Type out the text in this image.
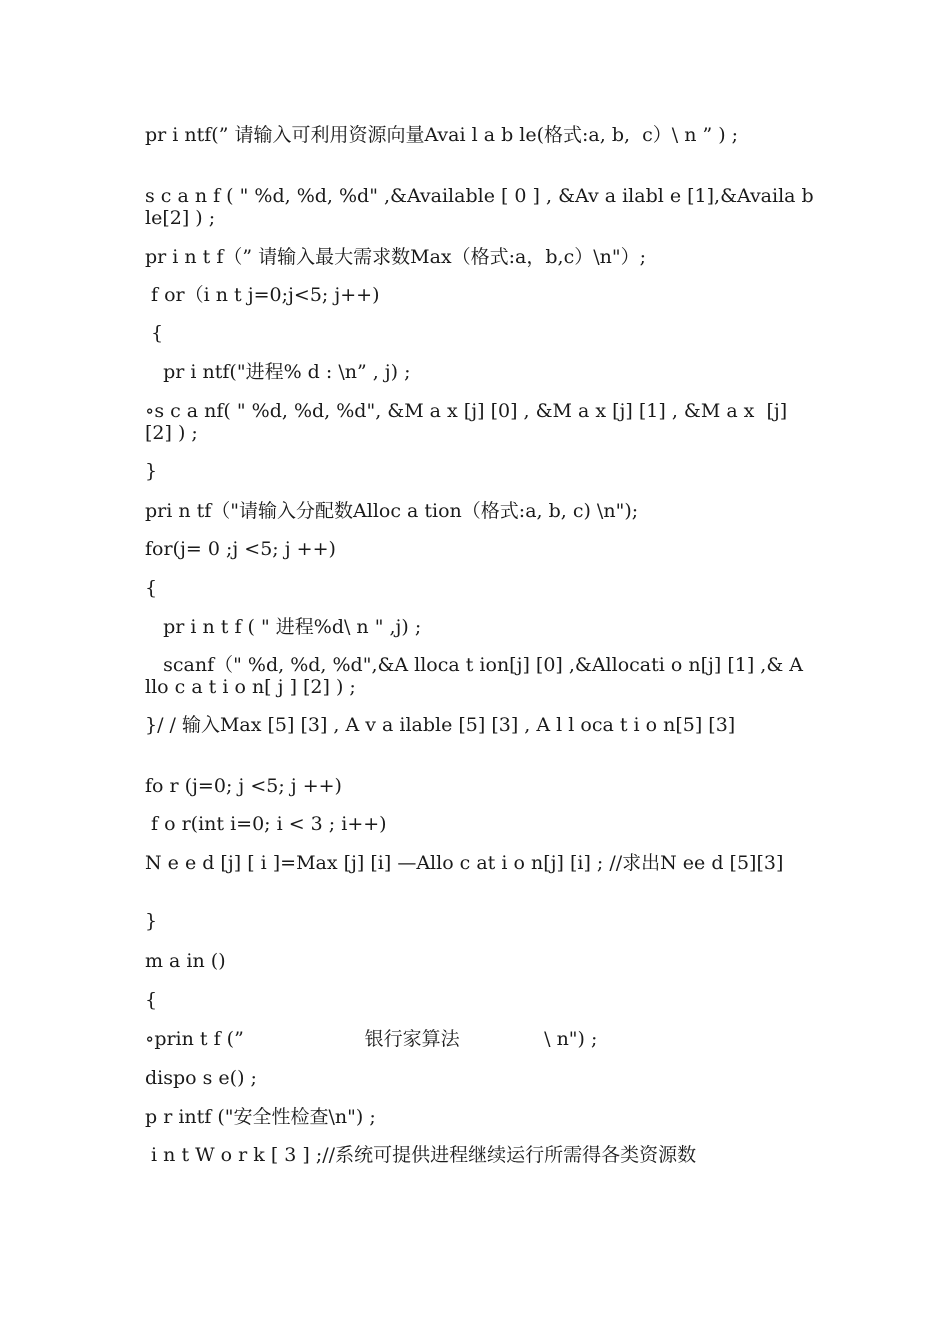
pr i ntf(” 请输入可利用资源向量Avai l a b le(格式:a, b,  c）\ n ” ) ;
s c a n f ( " %d, %d, %d" ,&Available [ 0 ] , &Av a ilabl e [1],&Availa b le[2] ) ;
pr i n t f（” 请输入最大需求数Max（格式:a，b,c）\n"）;
f or（i n t j=0;j<5; j++)
{
pr i ntf("进程% d : \n” , j) ;
∘s c a nf( " %d, %d, %d", &M a x [j] [0] , &M a x [j] [1] , &M a x  [j] [2] ) ;
}
pri n tf（"请输入分配数Alloc a tion（格式:a, b, c) \n");
for(j= 0 ;j <5; j ++)
{
pr i n t f ( " 进程%d\ n " ,j) ;
scanf（" %d, %d, %d",&A lloca t ion[j] [0] ,&Allocati o n[j] [1] ,& A llo c a t i o n[ j ] [2] ) ;
}/ / 输入Max [5] [3] , A v a ilable [5] [3] , A l l oca t i o n[5] [3]
fo r (j=0; j <5; j ++)
f o r(int i=0; i < 3 ; i++)
N e e d [j] [ i ]=Max [j] [i] —Allo c at i o n[j] [i] ; //求出N ee d [5][3]
}
m a in ()
{
∘prin t f (”                    银行家算法              \ n") ;
dispo s e() ;
p r intf ("安全性检查\n") ;
i n t W o r k [ 3 ] ;//系统可提供进程继续运行所需得各类资源数
